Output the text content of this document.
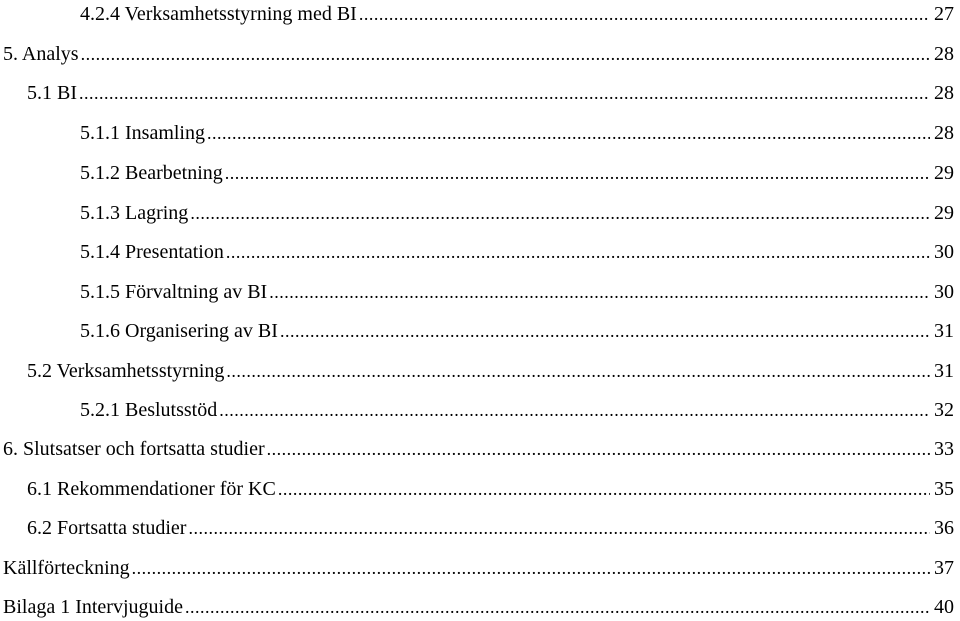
4.2.4 Verksamhetsstyrning med BI .....	27
5. Analys .....	28
5.1 BI .....	28
5.1.1 Insamling .....	28
5.1.2 Bearbetning .....	29
5.1.3 Lagring .....	29
5.1.4 Presentation .....	30
5.1.5 Förvaltning av BI .....	30
5.1.6 Organisering av BI .....	31
5.2 Verksamhetsstyrning .....	31
5.2.1 Beslutsstöd .....	32
6. Slutsatser och fortsatta studier .....	33
6.1 Rekommendationer för KC .....	35
6.2 Fortsatta studier .....	36
Källförteckning .....	37
Bilaga 1 Intervjuguide .....	40
